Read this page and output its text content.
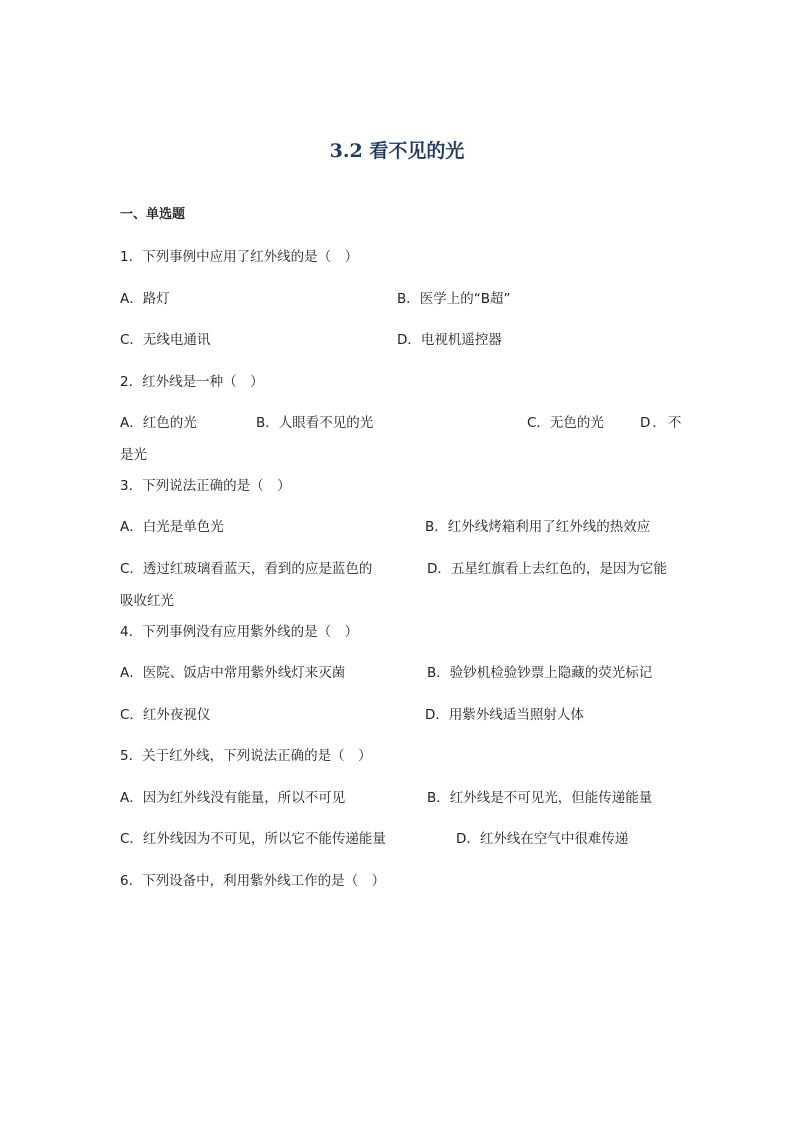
3.2 看不见的光
一、单选题
1．下列事例中应用了红外线的是（　）
A．路灯	B．医学上的“B超”
C．无线电通讯	D．电视机遥控器
2．红外线是一种（　）
A．红色的光	B．人眼看不见的光	C．无色的光	D．不
是光
3．下列说法正确的是（　）
A．白光是单色光	B．红外线烤箱利用了红外线的热效应
C．透过红玻璃看蓝天，看到的应是蓝色的	D．五星红旗看上去红色的，是因为它能
吸收红光
4．下列事例没有应用紫外线的是（　）
A．医院、饭店中常用紫外线灯来灭菌	B．验钞机检验钞票上隐藏的荧光标记
C．红外夜视仪	D．用紫外线适当照射人体
5．关于红外线，下列说法正确的是（　）
A．因为红外线没有能量，所以不可见	B．红外线是不可见光，但能传递能量
C．红外线因为不可见，所以它不能传递能量	D．红外线在空气中很难传递
6．下列设备中，利用紫外线工作的是（　）
